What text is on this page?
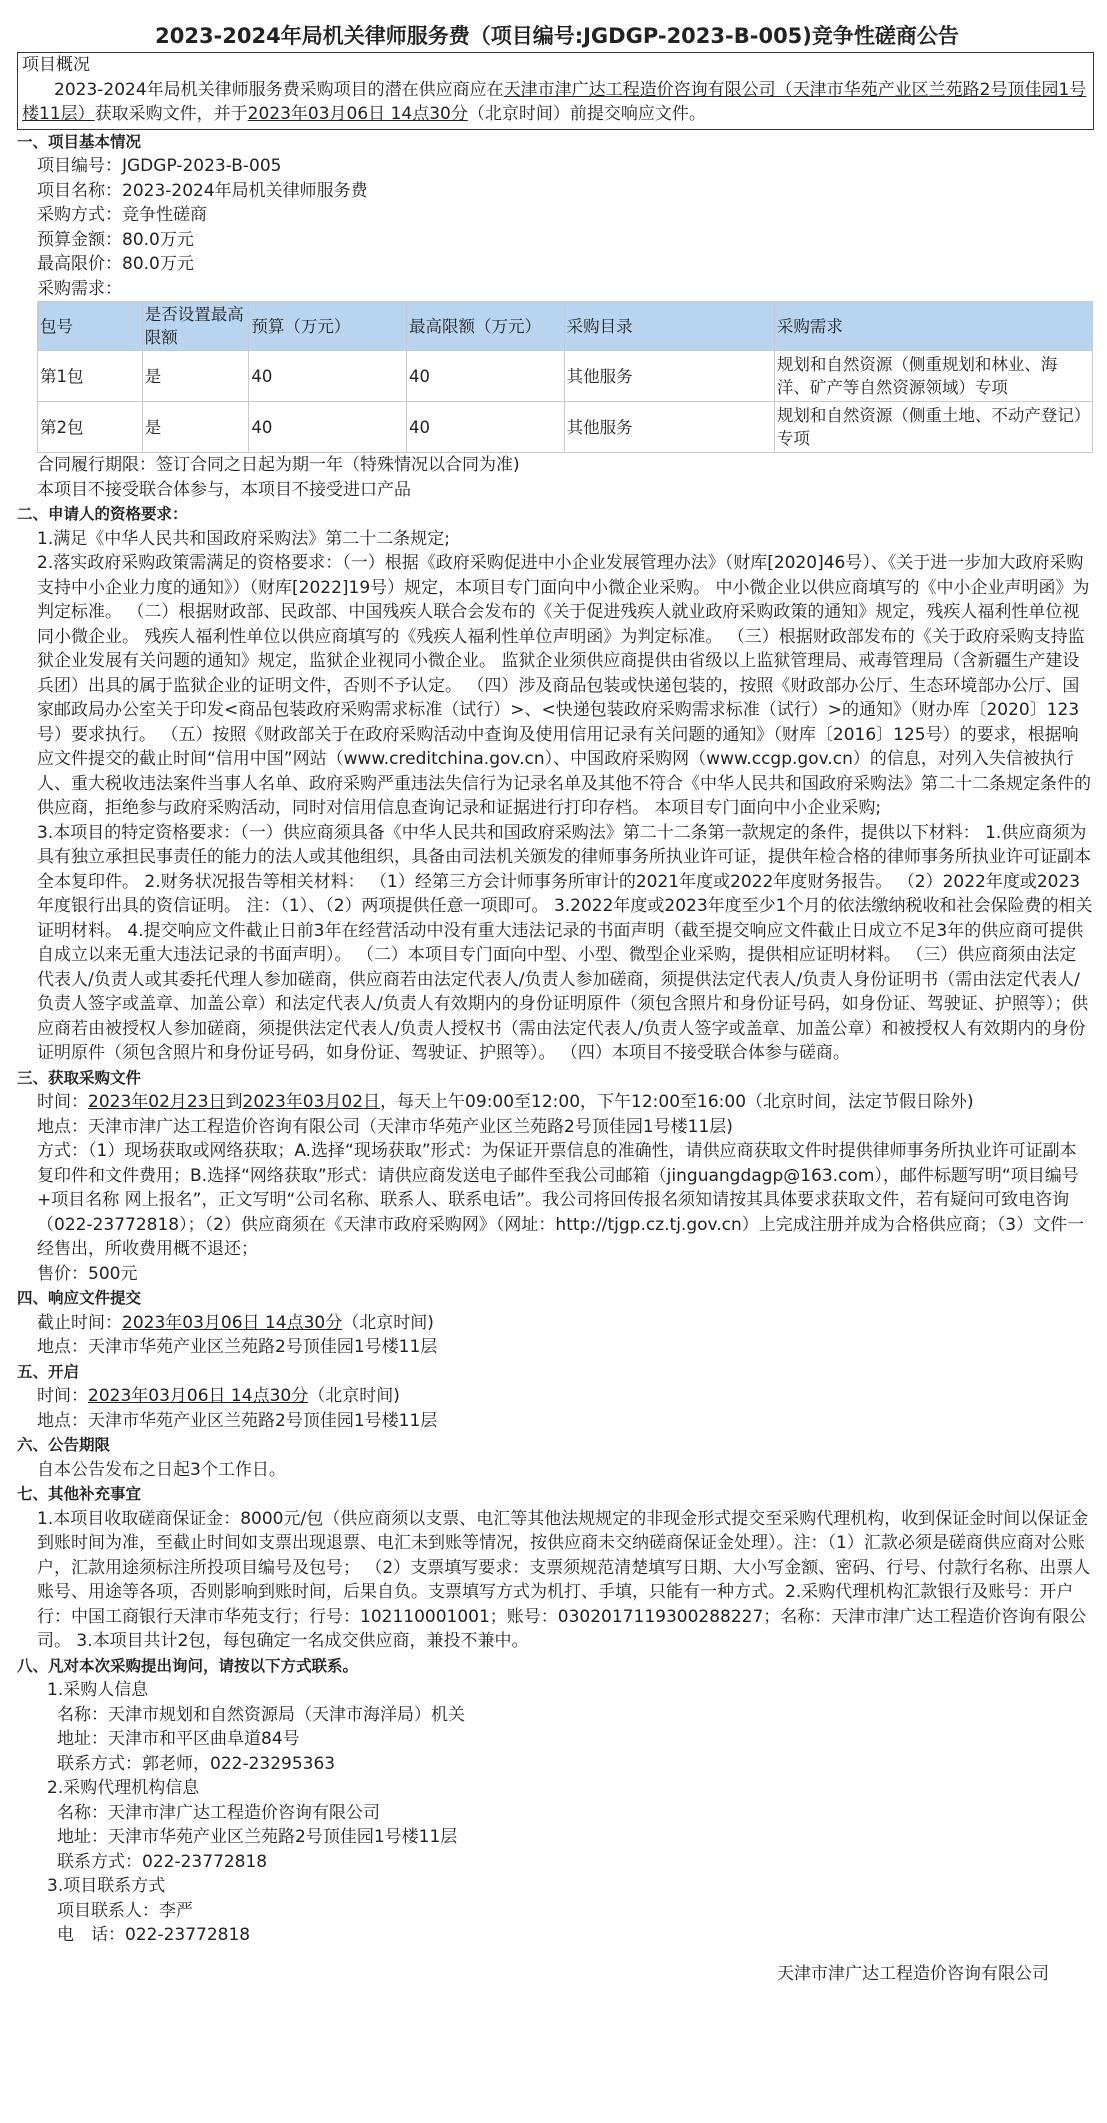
2023-2024年局机关律师服务费（项目编号:JGDGP-2023-B-005)竞争性磋商公告
项目概况
2023-2024年局机关律师服务费采购项目的潜在供应商应在天津市津广达工程造价咨询有限公司（天津市华苑产业区兰苑路2号顶佳园1号楼11层）获取采购文件，并于2023年03月06日 14点30分（北京时间）前提交响应文件。
一、项目基本情况
项目编号：JGDGP-2023-B-005
项目名称：2023-2024年局机关律师服务费
采购方式：竞争性磋商
预算金额：80.0万元
最高限价：80.0万元
采购需求：
包号	是否设置最高限额	预算（万元）	最高限额（万元）	采购目录	采购需求
第1包	是	40	40	其他服务	规划和自然资源（侧重规划和林业、海洋、矿产等自然资源领域）专项
第2包	是	40	40	其他服务	规划和自然资源（侧重土地、不动产登记）专项
合同履行期限：签订合同之日起为期一年（特殊情况以合同为准)
本项目不接受联合体参与，本项目不接受进口产品
二、申请人的资格要求：
1.满足《中华人民共和国政府采购法》第二十二条规定;
2.落实政府采购政策需满足的资格要求：（一）根据《政府采购促进中小企业发展管理办法》（财库[2020]46号）、《关于进一步加大政府采购支持中小企业力度的通知》）（财库[2022]19号）规定，本项目专门面向中小微企业采购。 中小微企业以供应商填写的《中小企业声明函》为判定标准。 （二）根据财政部、民政部、中国残疾人联合会发布的《关于促进残疾人就业政府采购政策的通知》规定，残疾人福利性单位视同小微企业。 残疾人福利性单位以供应商填写的《残疾人福利性单位声明函》为判定标准。 （三）根据财政部发布的《关于政府采购支持监狱企业发展有关问题的通知》规定，监狱企业视同小微企业。 监狱企业须供应商提供由省级以上监狱管理局、戒毒管理局（含新疆生产建设兵团）出具的属于监狱企业的证明文件，否则不予认定。 （四）涉及商品包装或快递包装的，按照《财政部办公厅、生态环境部办公厅、国家邮政局办公室关于印发<商品包装政府采购需求标准（试行）>、<快递包装政府采购需求标准（试行）>的通知》（财办库〔2020〕123号）要求执行。 （五）按照《财政部关于在政府采购活动中查询及使用信用记录有关问题的通知》（财库〔2016〕125号）的要求，根据响应文件提交的截止时间“信用中国”网站（www.creditchina.gov.cn）、中国政府采购网（www.ccgp.gov.cn）的信息，对列入失信被执行人、重大税收违法案件当事人名单、政府采购严重违法失信行为记录名单及其他不符合《中华人民共和国政府采购法》第二十二条规定条件的供应商，拒绝参与政府采购活动，同时对信用信息查询记录和证据进行打印存档。 本项目专门面向中小企业采购;
3.本项目的特定资格要求：（一）供应商须具备《中华人民共和国政府采购法》第二十二条第一款规定的条件，提供以下材料： 1.供应商须为具有独立承担民事责任的能力的法人或其他组织，具备由司法机关颁发的律师事务所执业许可证，提供年检合格的律师事务所执业许可证副本全本复印件。 2.财务状况报告等相关材料： （1）经第三方会计师事务所审计的2021年度或2022年度财务报告。 （2）2022年度或2023年度银行出具的资信证明。 注：（1）、（2）两项提供任意一项即可。 3.2022年度或2023年度至少1个月的依法缴纳税收和社会保险费的相关证明材料。 4.提交响应文件截止日前3年在经营活动中没有重大违法记录的书面声明（截至提交响应文件截止日成立不足3年的供应商可提供自成立以来无重大违法记录的书面声明）。 （二）本项目专门面向中型、小型、微型企业采购，提供相应证明材料。 （三）供应商须由法定代表人/负责人或其委托代理人参加磋商，供应商若由法定代表人/负责人参加磋商，须提供法定代表人/负责人身份证明书（需由法定代表人/负责人签字或盖章、加盖公章）和法定代表人/负责人有效期内的身份证明原件（须包含照片和身份证号码，如身份证、驾驶证、护照等）；供应商若由被授权人参加磋商，须提供法定代表人/负责人授权书（需由法定代表人/负责人签字或盖章、加盖公章）和被授权人有效期内的身份证明原件（须包含照片和身份证号码，如身份证、驾驶证、护照等）。 （四）本项目不接受联合体参与磋商。
三、获取采购文件
时间：2023年02月23日到2023年03月02日，每天上午09:00至12:00，下午12:00至16:00（北京时间，法定节假日除外)
地点：天津市津广达工程造价咨询有限公司（天津市华苑产业区兰苑路2号顶佳园1号楼11层)
方式：（1）现场获取或网络获取；A.选择“现场获取”形式：为保证开票信息的准确性，请供应商获取文件时提供律师事务所执业许可证副本复印件和文件费用；B.选择“网络获取”形式：请供应商发送电子邮件至我公司邮箱（jinguangdagp@163.com），邮件标题写明“项目编号+项目名称 网上报名”，正文写明“公司名称、联系人、联系电话”。我公司将回传报名须知请按其具体要求获取文件，若有疑问可致电咨询（022-23772818）；（2）供应商须在《天津市政府采购网》（网址：http://tjgp.cz.tj.gov.cn）上完成注册并成为合格供应商；（3）文件一经售出，所收费用概不退还；
售价：500元
四、响应文件提交
截止时间：2023年03月06日 14点30分（北京时间)
地点：天津市华苑产业区兰苑路2号顶佳园1号楼11层
五、开启
时间：2023年03月06日 14点30分（北京时间)
地点：天津市华苑产业区兰苑路2号顶佳园1号楼11层
六、公告期限
自本公告发布之日起3个工作日。
七、其他补充事宜
1.本项目收取磋商保证金：8000元/包（供应商须以支票、电汇等其他法规规定的非现金形式提交至采购代理机构，收到保证金时间以保证金到账时间为准，至截止时间如支票出现退票、电汇未到账等情况，按供应商未交纳磋商保证金处理）。注：（1）汇款必须是磋商供应商对公账户，汇款用途须标注所投项目编号及包号； （2）支票填写要求：支票须规范清楚填写日期、大小写金额、密码、行号、付款行名称、出票人账号、用途等各项，否则影响到账时间，后果自负。支票填写方式为机打、手填，只能有一种方式。2.采购代理机构汇款银行及账号：开户行：中国工商银行天津市华苑支行；行号：102110001001；账号：0302017119300288227；名称：天津市津广达工程造价咨询有限公司。 3.本项目共计2包，每包确定一名成交供应商，兼投不兼中。
八、凡对本次采购提出询问，请按以下方式联系。
1.采购人信息
名称：天津市规划和自然资源局（天津市海洋局）机关
地址：天津市和平区曲阜道84号
联系方式：郭老师，022-23295363
2.采购代理机构信息
名称：天津市津广达工程造价咨询有限公司
地址：天津市华苑产业区兰苑路2号顶佳园1号楼11层
联系方式：022-23772818
3.项目联系方式
项目联系人：李严
电　话：022-23772818
天津市津广达工程造价咨询有限公司
